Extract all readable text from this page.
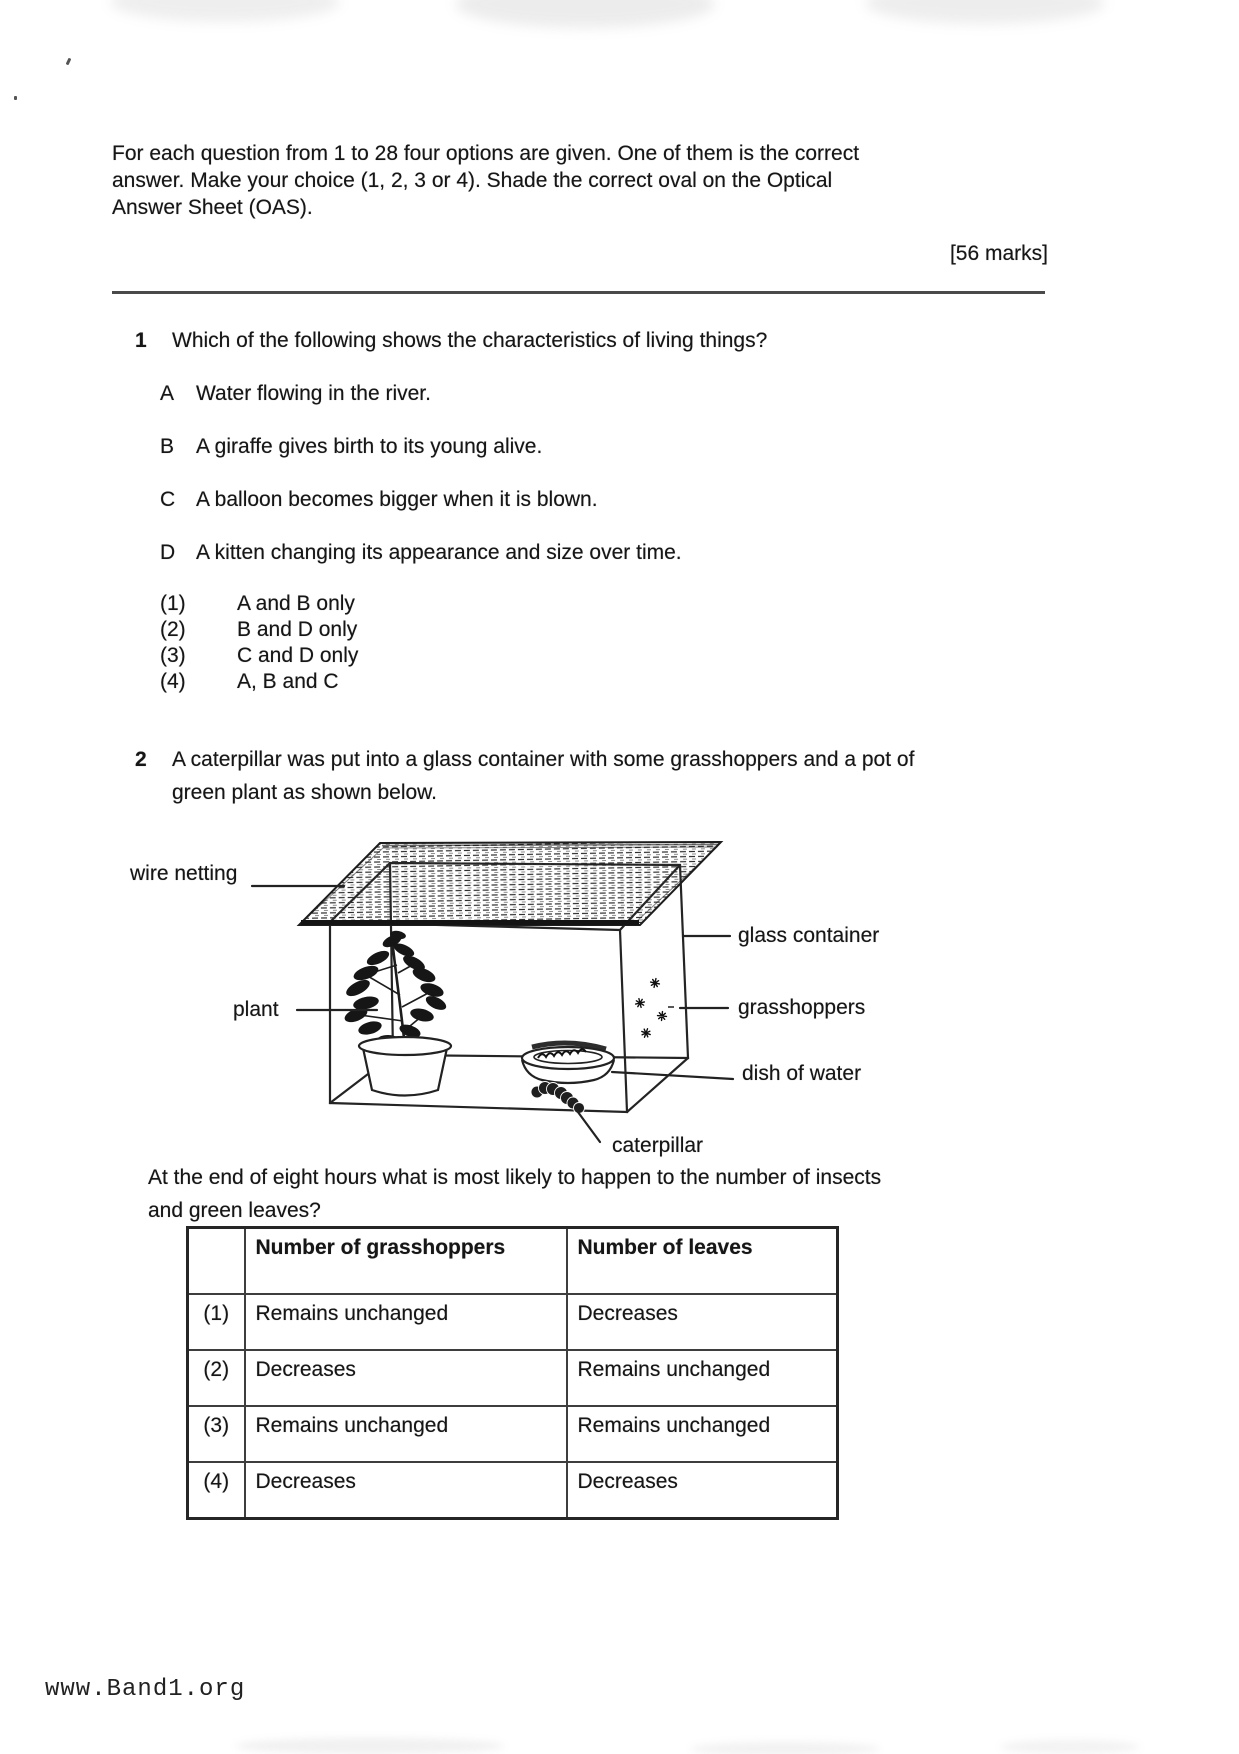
For each question from 1 to 28 four options are given. One of them is the correct
answer. Make your choice (1, 2, 3 or 4). Shade the correct oval on the Optical
Answer Sheet (OAS).
[56 marks]
1 Which of the following shows the characteristics of living things?
A Water flowing in the river.
B A giraffe gives birth to its young alive.
C A balloon becomes bigger when it is blown.
D A kitten changing its appearance and size over time.
(1) A and B only
(2) B and D only
(3) C and D only
(4) A, B and C
2 A caterpillar was put into a glass container with some grasshoppers and a pot of
green plant as shown below.
wire netting
glass container
plant	grasshoppers
dish of water
caterpillar
At the end of eight hours what is most likely to happen to the number of insects
and green leaves?
	Number of grasshoppers	Number of leaves
(1)	Remains unchanged	Decreases
(2)	Decreases	Remains unchanged
(3)	Remains unchanged	Remains unchanged
(4)	Decreases	Decreases
www.Band1.org
